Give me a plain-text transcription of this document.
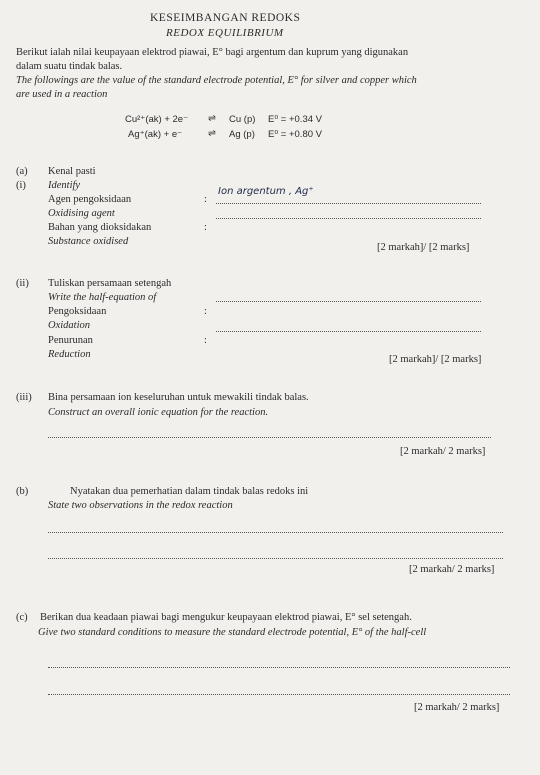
KESEIMBANGAN REDOKS
REDOX EQUILIBRIUM
Berikut ialah nilai keupayaan elektrod piawai, E° bagi argentum dan kuprum yang digunakan
dalam suatu tindak balas.
The followings are the value of the standard electrode potential, E° for silver and copper which
are used in a reaction
Cu²⁺(ak) + 2e⁻ ⇌ Cu (p) E⁰ = +0.34 V
Ag⁺(ak) + e⁻	⇌ Ag (p) E⁰ = +0.80 V
(a) Kenal pasti
(i) Identify
Agen pengoksidaan	:
Ion argentum , Ag⁺
Oxidising agent
Bahan yang dioksidakan	:
Substance oxidised
[2 markah]/ [2 marks]
(ii) Tuliskan persamaan setengah
Write the half-equation of
Pengoksidaan	:
Oxidation
Penurunan	:
Reduction	[2 markah]/ [2 marks]
(iii) Bina persamaan ion keseluruhan untuk mewakili tindak balas.
Construct an overall ionic equation for the reaction.
[2 markah/ 2 marks]
(b)	Nyatakan dua pemerhatian dalam tindak balas redoks ini
State two observations in the redox reaction
[2 markah/ 2 marks]
(c) Berikan dua keadaan piawai bagi mengukur keupayaan elektrod piawai, E° sel setengah.
Give two standard conditions to measure the standard electrode potential, E° of the half-cell
[2 markah/ 2 marks]
